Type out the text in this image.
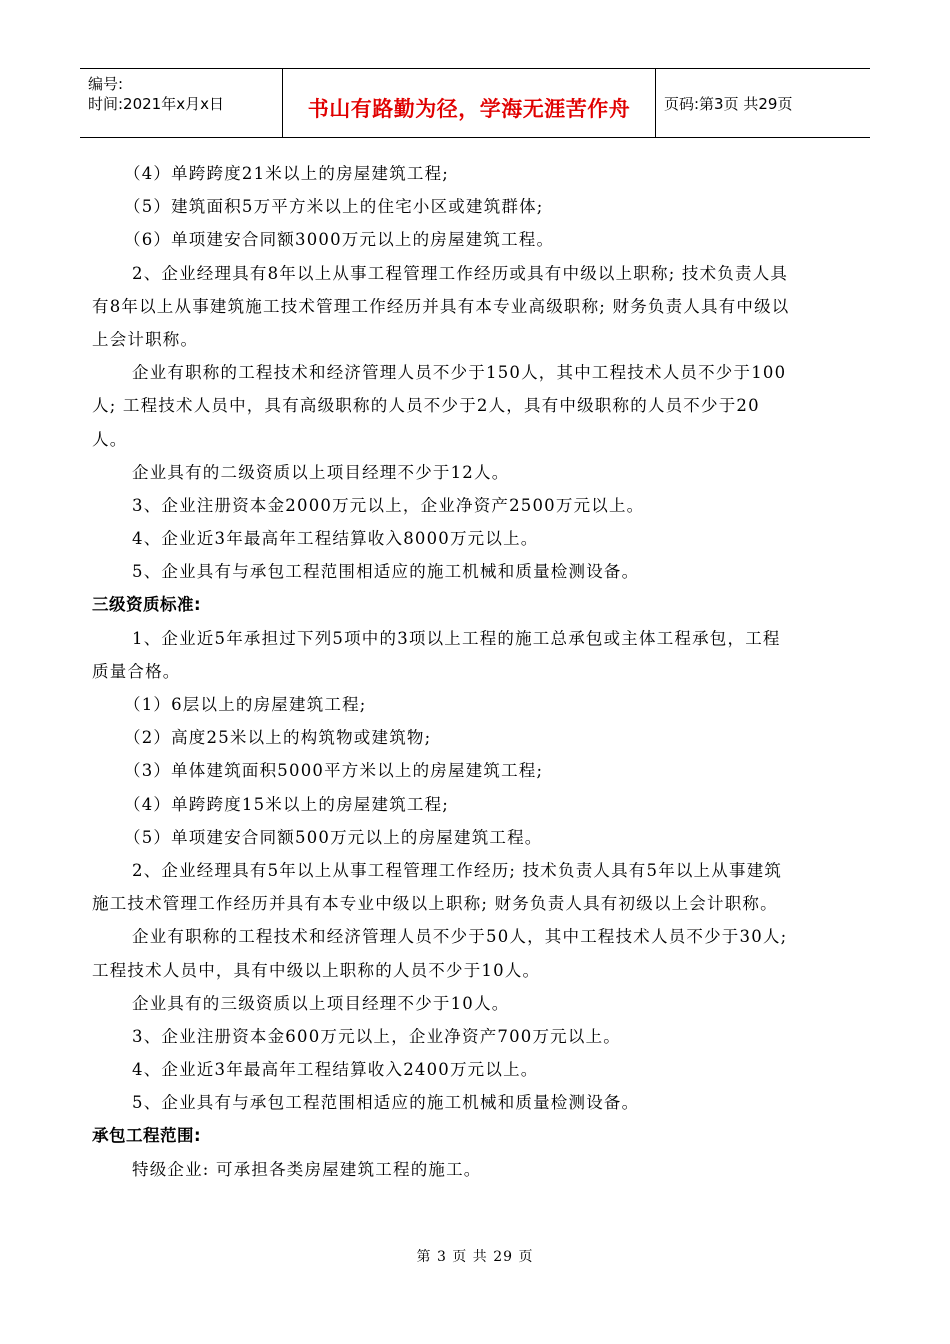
编号:
时间:2021年x月x日	书山有路勤为径，学海无涯苦作舟	页码:第3页 共29页
（4）单跨跨度21米以上的房屋建筑工程;
（5）建筑面积5万平方米以上的住宅小区或建筑群体;
（6）单项建安合同额3000万元以上的房屋建筑工程。
2、企业经理具有8年以上从事工程管理工作经历或具有中级以上职称; 技术负责人具
有8年以上从事建筑施工技术管理工作经历并具有本专业高级职称; 财务负责人具有中级以
上会计职称。
企业有职称的工程技术和经济管理人员不少于150人，其中工程技术人员不少于100
人; 工程技术人员中，具有高级职称的人员不少于2人，具有中级职称的人员不少于20
人。
企业具有的二级资质以上项目经理不少于12人。
3、企业注册资本金2000万元以上，企业净资产2500万元以上。
4、企业近3年最高年工程结算收入8000万元以上。
5、企业具有与承包工程范围相适应的施工机械和质量检测设备。
三级资质标准:
1、企业近5年承担过下列5项中的3项以上工程的施工总承包或主体工程承包，工程
质量合格。
（1）6层以上的房屋建筑工程;
（2）高度25米以上的构筑物或建筑物;
（3）单体建筑面积5000平方米以上的房屋建筑工程;
（4）单跨跨度15米以上的房屋建筑工程;
（5）单项建安合同额500万元以上的房屋建筑工程。
2、企业经理具有5年以上从事工程管理工作经历; 技术负责人具有5年以上从事建筑
施工技术管理工作经历并具有本专业中级以上职称; 财务负责人具有初级以上会计职称。
企业有职称的工程技术和经济管理人员不少于50人，其中工程技术人员不少于30人;
工程技术人员中，具有中级以上职称的人员不少于10人。
企业具有的三级资质以上项目经理不少于10人。
3、企业注册资本金600万元以上，企业净资产700万元以上。
4、企业近3年最高年工程结算收入2400万元以上。
5、企业具有与承包工程范围相适应的施工机械和质量检测设备。
承包工程范围:
特级企业: 可承担各类房屋建筑工程的施工。
第 3 页 共 29 页
